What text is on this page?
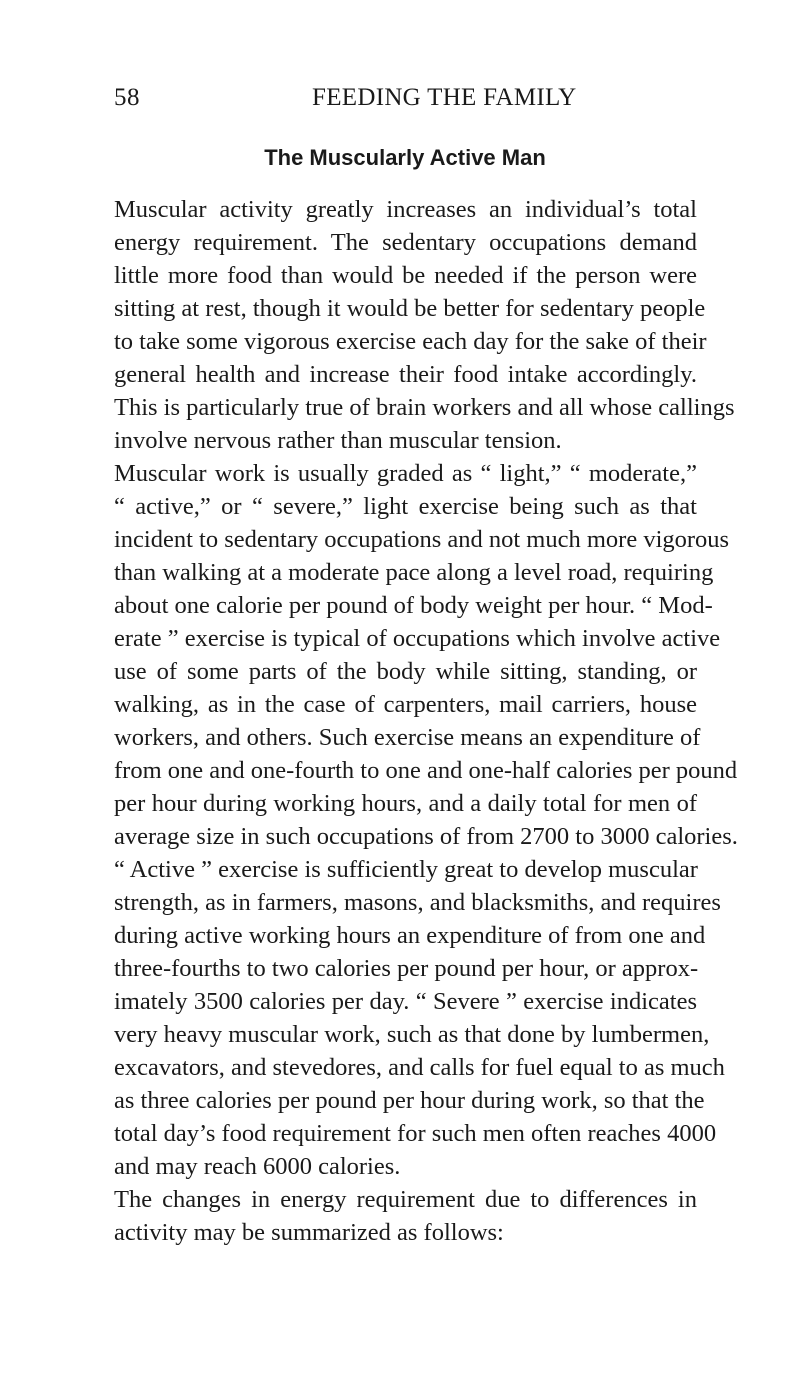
58	FEEDING THE FAMILY
The Muscularly Active Man
Muscular activity greatly increases an individual’s total
energy requirement. The sedentary occupations demand
little more food than would be needed if the person were
sitting at rest, though it would be better for sedentary people
to take some vigorous exercise each day for the sake of their
general health and increase their food intake accordingly.
This is particularly true of brain workers and all whose callings
involve nervous rather than muscular tension.
Muscular work is usually graded as “ light,” “ moderate,”
“ active,” or “ severe,” light exercise being such as that
incident to sedentary occupations and not much more vigorous
than walking at a moderate pace along a level road, requiring
about one calorie per pound of body weight per hour. “ Mod-
erate ” exercise is typical of occupations which involve active
use of some parts of the body while sitting, standing, or
walking, as in the case of carpenters, mail carriers, house
workers, and others. Such exercise means an expenditure of
from one and one-fourth to one and one-half calories per pound
per hour during working hours, and a daily total for men of
average size in such occupations of from 2700 to 3000 calories.
“ Active ” exercise is sufficiently great to develop muscular
strength, as in farmers, masons, and blacksmiths, and requires
during active working hours an expenditure of from one and
three-fourths to two calories per pound per hour, or approx-
imately 3500 calories per day. “ Severe ” exercise indicates
very heavy muscular work, such as that done by lumbermen,
excavators, and stevedores, and calls for fuel equal to as much
as three calories per pound per hour during work, so that the
total day’s food requirement for such men often reaches 4000
and may reach 6000 calories.
The changes in energy requirement due to differences in
activity may be summarized as follows:
